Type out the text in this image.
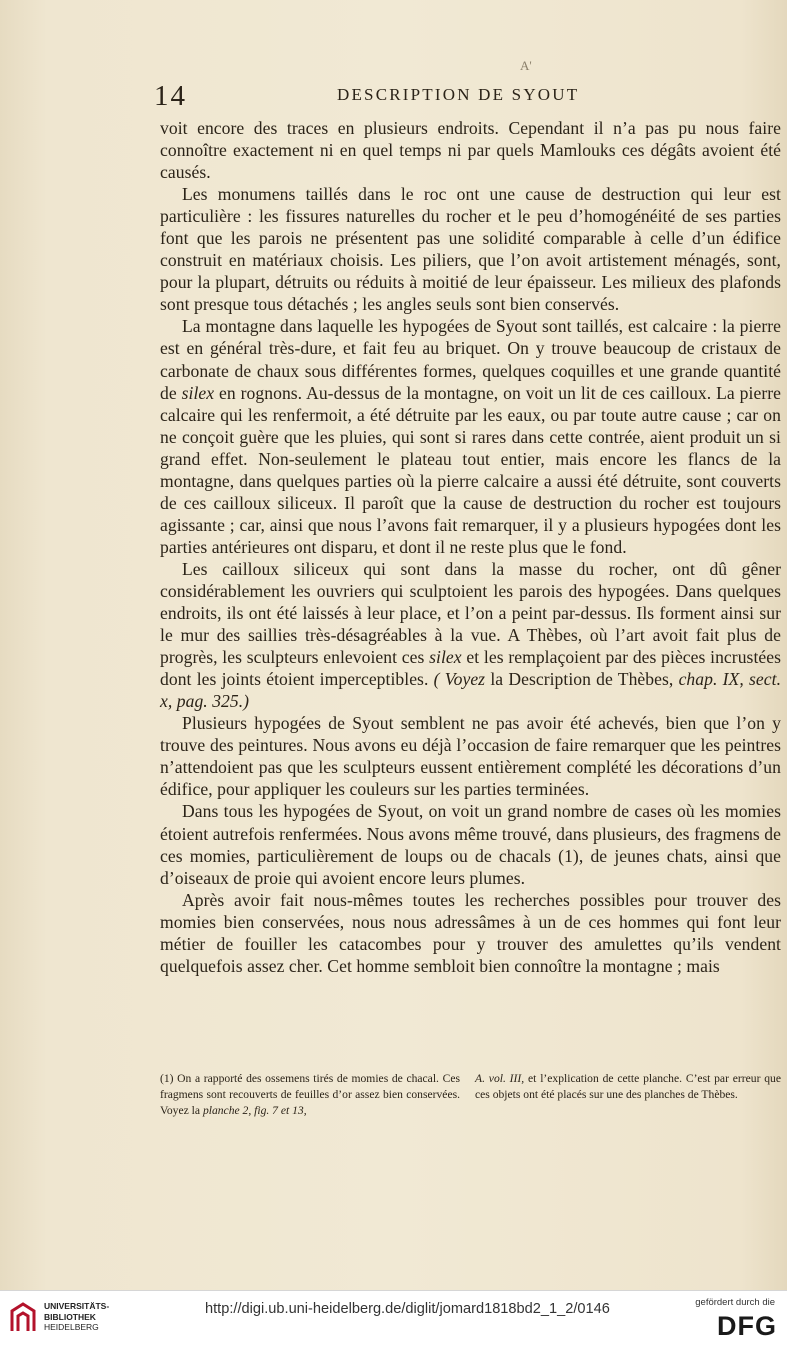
A'
14	DESCRIPTION DE SYOUT

voit encore des traces en plusieurs endroits. Cependant il n’a pas pu nous faire connoître exactement ni en quel temps ni par quels Mamlouks ces dégâts avoient été causés.

Les monumens taillés dans le roc ont une cause de destruction qui leur est particulière : les fissures naturelles du rocher et le peu d’homogénéité de ses parties font que les parois ne présentent pas une solidité comparable à celle d’un édifice construit en matériaux choisis. Les piliers, que l’on avoit artistement ménagés, sont, pour la plupart, détruits ou réduits à moitié de leur épaisseur. Les milieux des plafonds sont presque tous détachés ; les angles seuls sont bien conservés.

La montagne dans laquelle les hypogées de Syout sont taillés, est calcaire : la pierre est en général très-dure, et fait feu au briquet. On y trouve beaucoup de cristaux de carbonate de chaux sous différentes formes, quelques coquilles et une grande quantité de silex en rognons. Au-dessus de la montagne, on voit un lit de ces cailloux. La pierre calcaire qui les renfermoit, a été détruite par les eaux, ou par toute autre cause ; car on ne conçoit guère que les pluies, qui sont si rares dans cette contrée, aient produit un si grand effet. Non-seulement le plateau tout entier, mais encore les flancs de la montagne, dans quelques parties où la pierre calcaire a aussi été détruite, sont couverts de ces cailloux siliceux. Il paroît que la cause de destruction du rocher est toujours agissante ; car, ainsi que nous l’avons fait remarquer, il y a plusieurs hypogées dont les parties antérieures ont disparu, et dont il ne reste plus que le fond.

Les cailloux siliceux qui sont dans la masse du rocher, ont dû gêner considérablement les ouvriers qui sculptoient les parois des hypogées. Dans quelques endroits, ils ont été laissés à leur place, et l’on a peint par-dessus. Ils forment ainsi sur le mur des saillies très-désagréables à la vue. A Thèbes, où l’art avoit fait plus de progrès, les sculpteurs enlevoient ces silex et les remplaçoient par des pièces incrustées dont les joints étoient imperceptibles. ( Voyez la Description de Thèbes, chap. IX, sect. x, pag. 325.)

Plusieurs hypogées de Syout semblent ne pas avoir été achevés, bien que l’on y trouve des peintures. Nous avons eu déjà l’occasion de faire remarquer que les peintres n’attendoient pas que les sculpteurs eussent entièrement complété les décorations d’un édifice, pour appliquer les couleurs sur les parties terminées.

Dans tous les hypogées de Syout, on voit un grand nombre de cases où les momies étoient autrefois renfermées. Nous avons même trouvé, dans plusieurs, des fragmens de ces momies, particulièrement de loups ou de chacals (1), de jeunes chats, ainsi que d’oiseaux de proie qui avoient encore leurs plumes.

Après avoir fait nous-mêmes toutes les recherches possibles pour trouver des momies bien conservées, nous nous adressâmes à un de ces hommes qui font leur métier de fouiller les catacombes pour y trouver des amulettes qu’ils vendent quelquefois assez cher. Cet homme sembloit bien connoître la montagne ; mais

(1) On a rapporté des ossemens tirés de momies de chacal. Ces fragmens sont recouverts de feuilles d’or assez bien conservées. Voyez la planche 2, fig. 7 et 13,
A. vol. III, et l’explication de cette planche. C’est par erreur que ces objets ont été placés sur une des planches de Thèbes.
UNIVERSITÄTS-
BIBLIOTHEK
HEIDELBERG
http://digi.ub.uni-heidelberg.de/diglit/jomard1818bd2_1_2/0146	gefördert durch die
DFG
